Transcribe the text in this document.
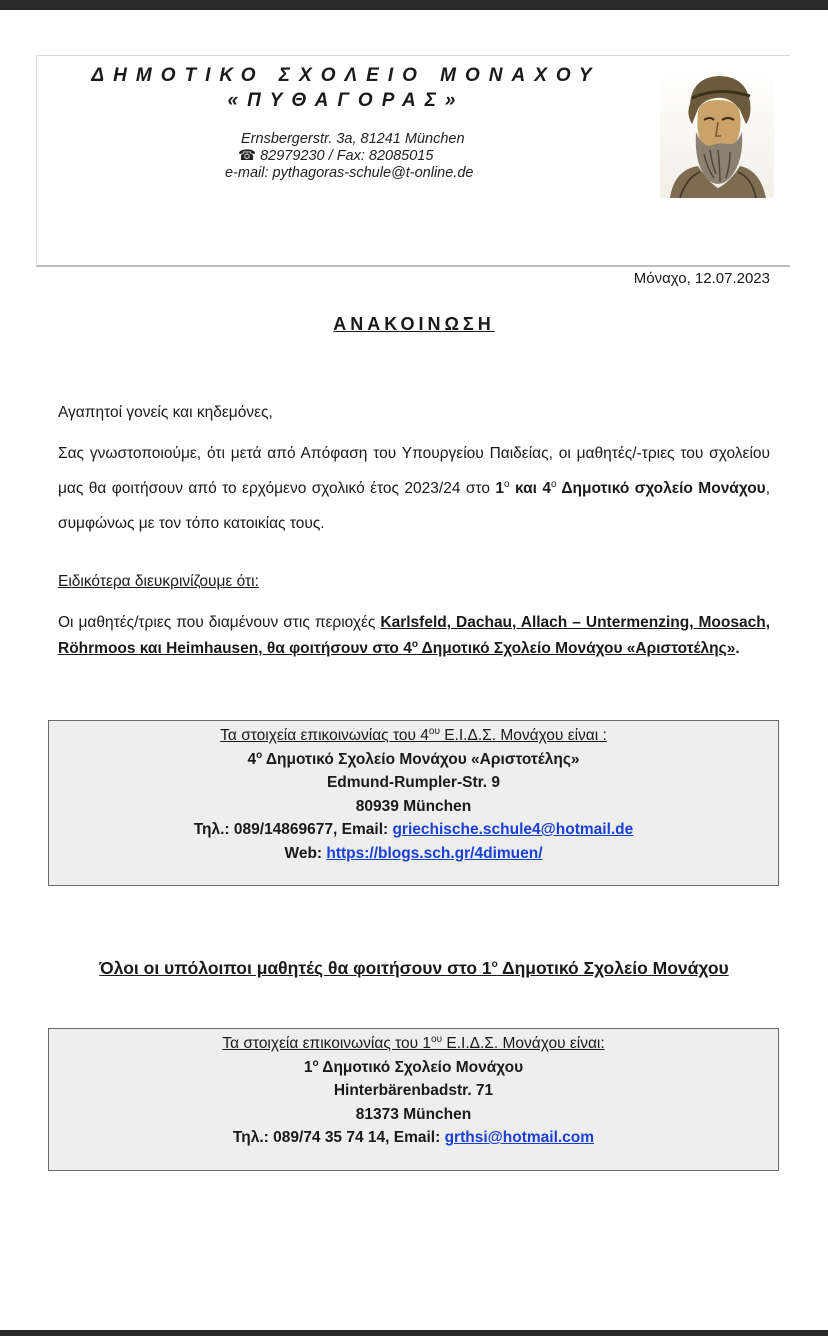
ΔΗΜΟΤΙΚΟ ΣΧΟΛΕΙΟ ΜΟΝΑΧΟΥ
«ΠΥΘΑΓΟΡΑΣ»
Ernsbergerstr. 3a, 81241 München
☎ 82979230 / Fax: 82085015
e-mail: pythagoras-schule@t-online.de
Μόναχο, 12.07.2023
ΑΝΑΚΟΙΝΩΣΗ
Αγαπητοί γονείς και κηδεμόνες,
Σας γνωστοποιούμε, ότι μετά από Απόφαση του Υπουργείου Παιδείας, οι μαθητές/-τριες του σχολείου μας θα φοιτήσουν από το ερχόμενο σχολικό έτος 2023/24 στο $1^o$ και $4^o$ Δημοτικό σχολείο Μονάχου, συμφώνως με τον τόπο κατοικίας τους.
Ειδικότερα διευκρινίζουμε ότι:
Οι μαθητές/τριες που διαμένουν στις περιοχές Karlsfeld, Dachau, Allach – Untermenzing, Moosach, Röhrmoos και Heimhausen, θα φοιτήσουν στο $4^o$ Δημοτικό Σχολείο Μονάχου «Αριστοτέλης».
Τα στοιχεία επικοινωνίας του $4^{o\upsilon}$ Ε.Ι.Δ.Σ. Μονάχου είναι :
$4^o$ Δημοτικό Σχολείο Μονάχου «Αριστοτέλης»
Edmund-Rumpler-Str. 9
80939 München
Τηλ.: 089/14869677, Email: griechische.schule4@hotmail.de
Web: https://blogs.sch.gr/4dimuen/
Όλοι οι υπόλοιποι μαθητές θα φοιτήσουν στο $1^o$ Δημοτικό Σχολείο Μονάχου
Τα στοιχεία επικοινωνίας του $1^{o\upsilon}$ Ε.Ι.Δ.Σ. Μονάχου είναι:
$1^o$ Δημοτικό Σχολείο Μονάχου
Hinterbärenbadstr. 71
81373 München
Τηλ.: 089/74 35 74 14, Email: grthsi@hotmail.com
